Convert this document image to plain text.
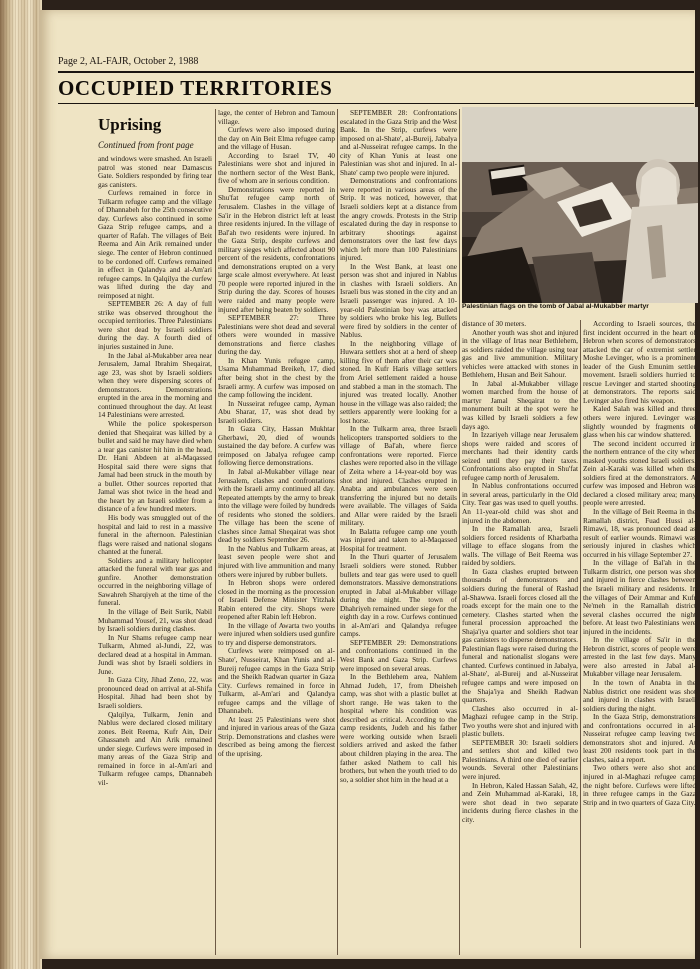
Page 2, AL-FAJR, October 2, 1988
OCCUPIED TERRITORIES
Uprising
Continued from front page

and windows were smashed. An Israeli patrol was stoned near Damascus Gate. Soldiers responded by firing tear gas canisters.

Curfews remained in force in Tulkarm refugee camp and the village of Dhannabeh for the 25th consecutive day. Curfews also continued in some Gaza Strip refugee camps, and a quarter of Rafah. The villages of Beit Reema and Ain Arik remained under siege. The center of Hebron continued to be cordoned off. Curfews remained in effect in Qalandya and al-Am'ari refugee camps. In Qalqilya the curfew was lifted during the day and reimposed at night.

SEPTEMBER 26: A day of full strike was observed throughout the occupied territories. Three Palestinians were shot dead by Israeli soldiers during the day. A fourth died of injuries sustained in June.

In the Jabal al-Mukabber area near Jerusalem, Jamal Ibrahim Sheqairat, age 23, was shot by Israeli soldiers when they were dispersing scores of demonstrators. Demonstrations erupted in the area in the morning and continued throughout the day. At least 14 Palestinians were arrested.

While the police spokesperson denied that Sheqairat was killed by a bullet and said he may have died when a tear gas canister hit him in the head, Dr. Hani Abdeen at al-Maqassed Hospital said there were signs that Jamal had been struck in the mouth by a bullet. Other sources reported that Jamal was shot twice in the head and the heart by an Israeli soldier from a distance of a few hundred meters.

His body was smuggled out of the hospital and laid to rest in a massive funeral in the afternoon. Palestinian flags were raised and national slogans chanted at the funeral.

Soldiers and a military helicopter attacked the funeral with tear gas and gunfire. Another demonstration occurred in the neighboring village of Sawahreh Sharqiyeh at the time of the funeral.

In the village of Beit Surik, Nabil Muhammad Yousef, 21, was shot dead by Israeli soldiers during clashes.

In Nur Shams refugee camp near Tulkarm, Ahmed al-Jundi, 22, was declared dead at a hospital in Amman. Jundi was shot by Israeli soldiers in June.

In Gaza City, Jihad Zeno, 22, was pronounced dead on arrival at al-Shifa Hospital. Jihad had been shot by Israeli soldiers.

Qalqilya, Tulkarm, Jenin and Nablus were declared closed military zones. Beit Reema, Kufr Ain, Deir Ghassaneh and Ain Arik remained under siege. Curfews were imposed in many areas of the Gaza Strip and remained in force in al-Am'ari and Tulkarm refugee camps, Dhannabeh vil-

lage, the center of Hebron and Tamoun village.

Curfews were also imposed during the day on Ain Beit Elma refugee camp and the village of Husan.

According to Israel TV, 40 Palestinians were shot and injured in the northern sector of the West Bank, five of whom are in serious condition.

Demonstrations were reported in Shu'fat refugee camp north of Jerusalem. Clashes in the village of Sa'ir in the Hebron district left at least three residents injured. In the village of Bal'ah two residents were injured. In the Gaza Strip, despite curfews and military sieges which affected about 90 percent of the residents, confrontations and demonstrations erupted on a very large scale almost everywhere. At least 70 people were reported injured in the Strip during the day. Scores of houses were raided and many people were injured after being beaten by soldiers.

SEPTEMBER 27: Three Palestinians were shot dead and several others were wounded in massive demonstrations and fierce clashes during the day.

In Khan Yunis refugee camp, Usama Muhammad Breikeh, 17, died after being shot in the chest by the Israeli army. A curfew was imposed on the camp following the incident.

In Nusseirat refugee camp, Ayman Abu Sharar, 17, was shot dead by Israeli soldiers.

In Gaza City, Hassan Mukhtar Gherbawi, 20, died of wounds sustained the day before. A curfew was reimposed on Jabalya refugee camp following fierce demonstrations.

In Jabal al-Mukabber village near Jerusalem, clashes and confrontations with the Israeli army continued all day. Repeated attempts by the army to break into the village were foiled by hundreds of residents who stoned the soldiers. The village has been the scene of clashes since Jamal Sheqairat was shot dead by soldiers September 26.

In the Nablus and Tulkarm areas, at least seven people were shot and injured with live ammunition and many others were injured by rubber bullets.

In Hebron shops were ordered closed in the morning as the procession of Israeli Defense Minister Yitzhak Rabin entered the city. Shops were reopened after Rabin left Hebron.

In the village of Awarta two youths were injured when soldiers used gunfire to try and disperse demonstrators.

Curfews were reimposed on al-Shate', Nusseirat, Khan Yunis and al-Bureij refugee camps in the Gaza Strip and the Sheikh Radwan quarter in Gaza City. Curfews remained in force in Tulkarm, al-Am'ari and Qalandya refugee camps and the village of Dhannabeh.

At least 25 Palestinians were shot and injured in various areas of the Gaza Strip. Demonstrations and clashes were described as being among the fiercest of the uprising.

SEPTEMBER 28: Confrontations escalated in the Gaza Strip and the West Bank. In the Strip, curfews were imposed on al-Shate', al-Bureij, Jabalya and al-Nusseirat refugee camps. In the city of Khan Yunis at least one Palestinian was shot and injured. In al-Shate' camp two people were injured.

Demonstrations and confrontations were reported in various areas of the Strip. It was noticed, however, that Israeli soldiers kept at a distance from the angry crowds. Protests in the Strip escalated during the day in response to arbitrary shootings against demonstrators over the last few days which left more than 100 Palestinians injured.

In the West Bank, at least one person was shot and injured in Nablus in clashes with Israeli soldiers. An Israeli bus was stoned in the city and an Israeli passenger was injured. A 10-year-old Palestinian boy was attacked by soldiers who broke his leg. Bullets were fired by soldiers in the center of Nablus.

In the neighboring village of Huwara settlers shot at a herd of sheep killing five of them after their car was stoned. In Kufr Haris village settlers from Ariel settlement raided a house and stabbed a man in the stomach. The injured was treated locally. Another house in the village was also raided; the settlers apparently were looking for a lost horse.

In the Tulkarm area, three Israeli helicopters transported soldiers to the village of Bal'ah, where fierce confrontations were reported. Fierce clashes were reported also in the village of Zeita where a 14-year-old boy was shot and injured. Clashes erupted in Anabta and ambulances were seen transferring the injured but no details were available. The villages of Saida and Allar were raided by the Israeli military.

In Balatta refugee camp one youth was injured and taken to al-Maqassed Hospital for treatment.

In the Thuri quarter of Jerusalem Israeli soldiers were stoned. Rubber bullets and tear gas were used to quell demonstrators. Massive demonstrations erupted in Jabal al-Mukabber village during the night. The town of Dhahriyeh remained under siege for the eighth day in a row. Curfews continued in al-Am'ari and Qalandya refugee camps.

SEPTEMBER 29: Demonstrations and confrontations continued in the West Bank and Gaza Strip. Curfews were imposed on several areas.

In the Bethlehem area, Nahlem Ahmad Judeh, 17, from Dheisheh camp, was shot with a plastic bullet at short range. He was taken to the hospital where his condition was described as critical. According to the camp residents, Judeh and his father were working outside when Israeli soldiers arrived and asked the father about children playing in the area. The father asked Nathem to call his brothers, but when the youth tried to do so, a soldier shot him in the head at a

Palestinian flags on the tomb of Jabal al-Mukabber martyr

distance of 30 meters.

Another youth was shot and injured in the village of Irtas near Bethlehem, as soldiers raided the village using tear gas and live ammunition. Military vehicles were attacked with stones in Bethlehem, Husan and Beit Sahour.

In Jabal al-Mukabber village women marched from the house of martyr Jamal Sheqairat to the monument built at the spot were he was killed by Israeli soldiers a few days ago.

In Izzariyeh village near Jerusalem shops were raided and scores of merchants had their identity cards seized until they pay their taxes. Confrontations also erupted in Shu'fat refugee camp north of Jerusalem.

In Nablus confrontations occurred in several areas, particularly in the Old City. Tear gas was used to quell youths. An 11-year-old child was shot and injured in the abdomen.

In the Ramallah area, Israeli soldiers forced residents of Kharbatha village to efface slogans from the walls. The village of Beit Reema was raided by soldiers.

In Gaza clashes erupted between thousands of demonstrators and soldiers during the funeral of Rashad al-Shawwa. Israeli forces closed all the roads except for the main one to the cemetery. Clashes started when the funeral procession approached the Shaja'iya quarter and soldiers shot tear gas canisters to disperse demonstrators. Palestinian flags were raised during the funeral and nationalist slogans were chanted. Curfews continued in Jabalya, al-Shate', al-Bureij and al-Nusseirat refugee camps and were imposed on the Shaja'iya and Sheikh Radwan quarters.

Clashes also occurred in al-Maghazi refugee camp in the Strip. Two youths were shot and injured with plastic bullets.

SEPTEMBER 30: Israeli soldiers and settlers shot and killed two Palestinians. A third one died of earlier wounds. Several other Palestinians were injured.

In Hebron, Kaled Hassan Salah, 42, and Zein Muhammad al-Karaki, 18, were shot dead in two separate incidents during fierce clashes in the city.

According to Israeli sources, the first incident occurred in the heart of Hebron when scores of demonstrators attacked the car of extremist settler Moshe Levinger, who is a prominent leader of the Gush Emunim settler movement. Israeli soldiers hurried to rescue Levinger and started shooting at demonstrators. The reports said Levinger also fired his weapon.

Kaled Salah was killed and three others were injured. Levinger was slightly wounded by fragments of glass when his car window shattered.

The second incident occurred in the northern entrance of the city when masked youths stoned Israeli soldiers. Zein al-Karaki was killed when the soldiers fired at the demonstrators. A curfew was imposed and Hebron was declared a closed military area; many people were arrested.

In the village of Beit Reema in the Ramallah district, Fuad Hussi al-Rimawi, 18, was pronounced dead as result of earlier wounds. Rimawi was seriously injured in clashes which occurred in his village September 27.

In the village of Bal'ah in the Tulkarm district, one person was shot and injured in fierce clashes between the Israeli military and residents. In the villages of Deir Ammar and Kufr Ne'meh in the Ramallah district several clashes occurred the night before. At least two Palestinians were injured in the incidents.

In the village of Sa'ir in the Hebron district, scores of people were arrested in the last few days. Many were also arrested in Jabal al-Mukabber village near Jerusalem.

In the town of Anabta in the Nablus district one resident was shot and injured in clashes with Israeli soldiers during the night.

In the Gaza Strip, demonstrations and confrontations occurred in al-Nusseirat refugee camp leaving two demonstrators shot and injured. At least 200 residents took part in the clashes, said a report.

Two others were also shot and injured in al-Maghazi refugee camp the night before. Curfews were lifted in three refugee camps in the Gaza Strip and in two quarters of Gaza City.
